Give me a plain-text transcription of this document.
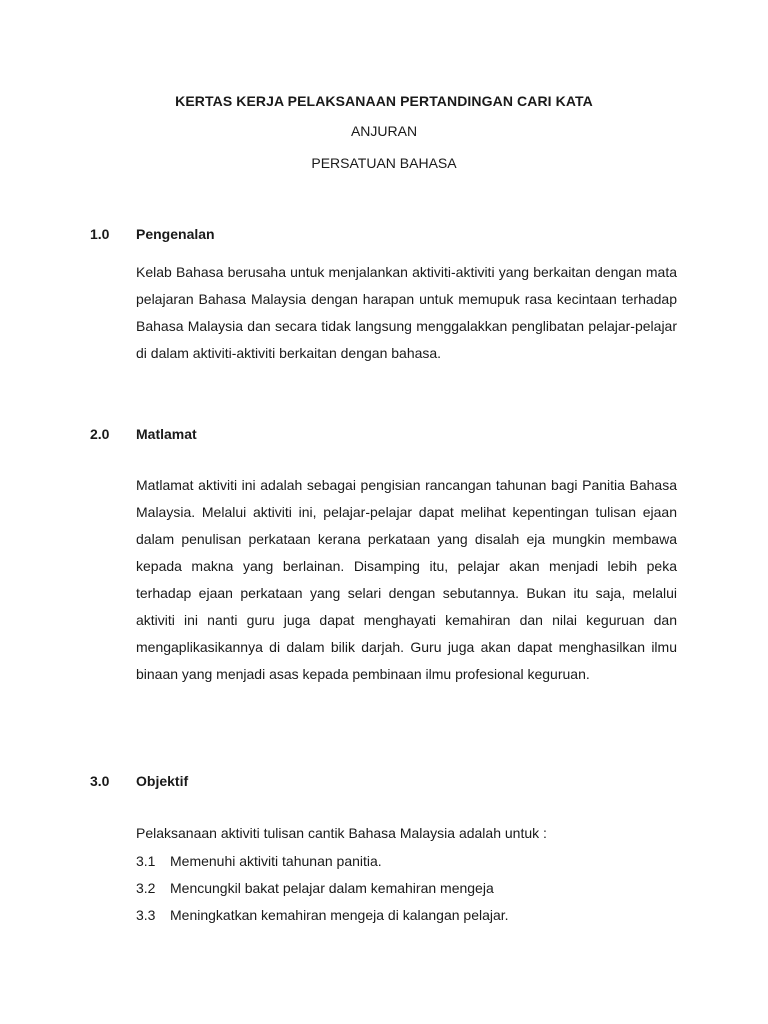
KERTAS KERJA PELAKSANAAN PERTANDINGAN CARI KATA
ANJURAN
PERSATUAN BAHASA
1.0 Pengenalan

Kelab Bahasa berusaha untuk menjalankan aktiviti-aktiviti yang berkaitan dengan mata pelajaran Bahasa Malaysia dengan harapan untuk memupuk rasa kecintaan terhadap Bahasa Malaysia dan secara tidak langsung menggalakkan penglibatan pelajar-pelajar di dalam aktiviti-aktiviti berkaitan dengan bahasa.

2.0 Matlamat

Matlamat aktiviti ini adalah sebagai pengisian rancangan tahunan bagi Panitia Bahasa Malaysia. Melalui aktiviti ini, pelajar-pelajar dapat melihat kepentingan tulisan ejaan dalam penulisan perkataan kerana perkataan yang disalah eja mungkin membawa kepada makna yang berlainan. Disamping itu, pelajar akan menjadi lebih peka terhadap ejaan perkataan yang selari dengan sebutannya. Bukan itu saja, melalui aktiviti ini nanti guru juga dapat menghayati kemahiran dan nilai keguruan dan mengaplikasikannya di dalam bilik darjah. Guru juga akan dapat menghasilkan ilmu binaan yang menjadi asas kepada pembinaan ilmu profesional keguruan.

3.0 Objektif

Pelaksanaan aktiviti tulisan cantik Bahasa Malaysia adalah untuk :

3.1 Memenuhi aktiviti tahunan panitia.
3.2 Mencungkil bakat pelajar dalam kemahiran mengeja
3.3 Meningkatkan kemahiran mengeja di kalangan pelajar.
